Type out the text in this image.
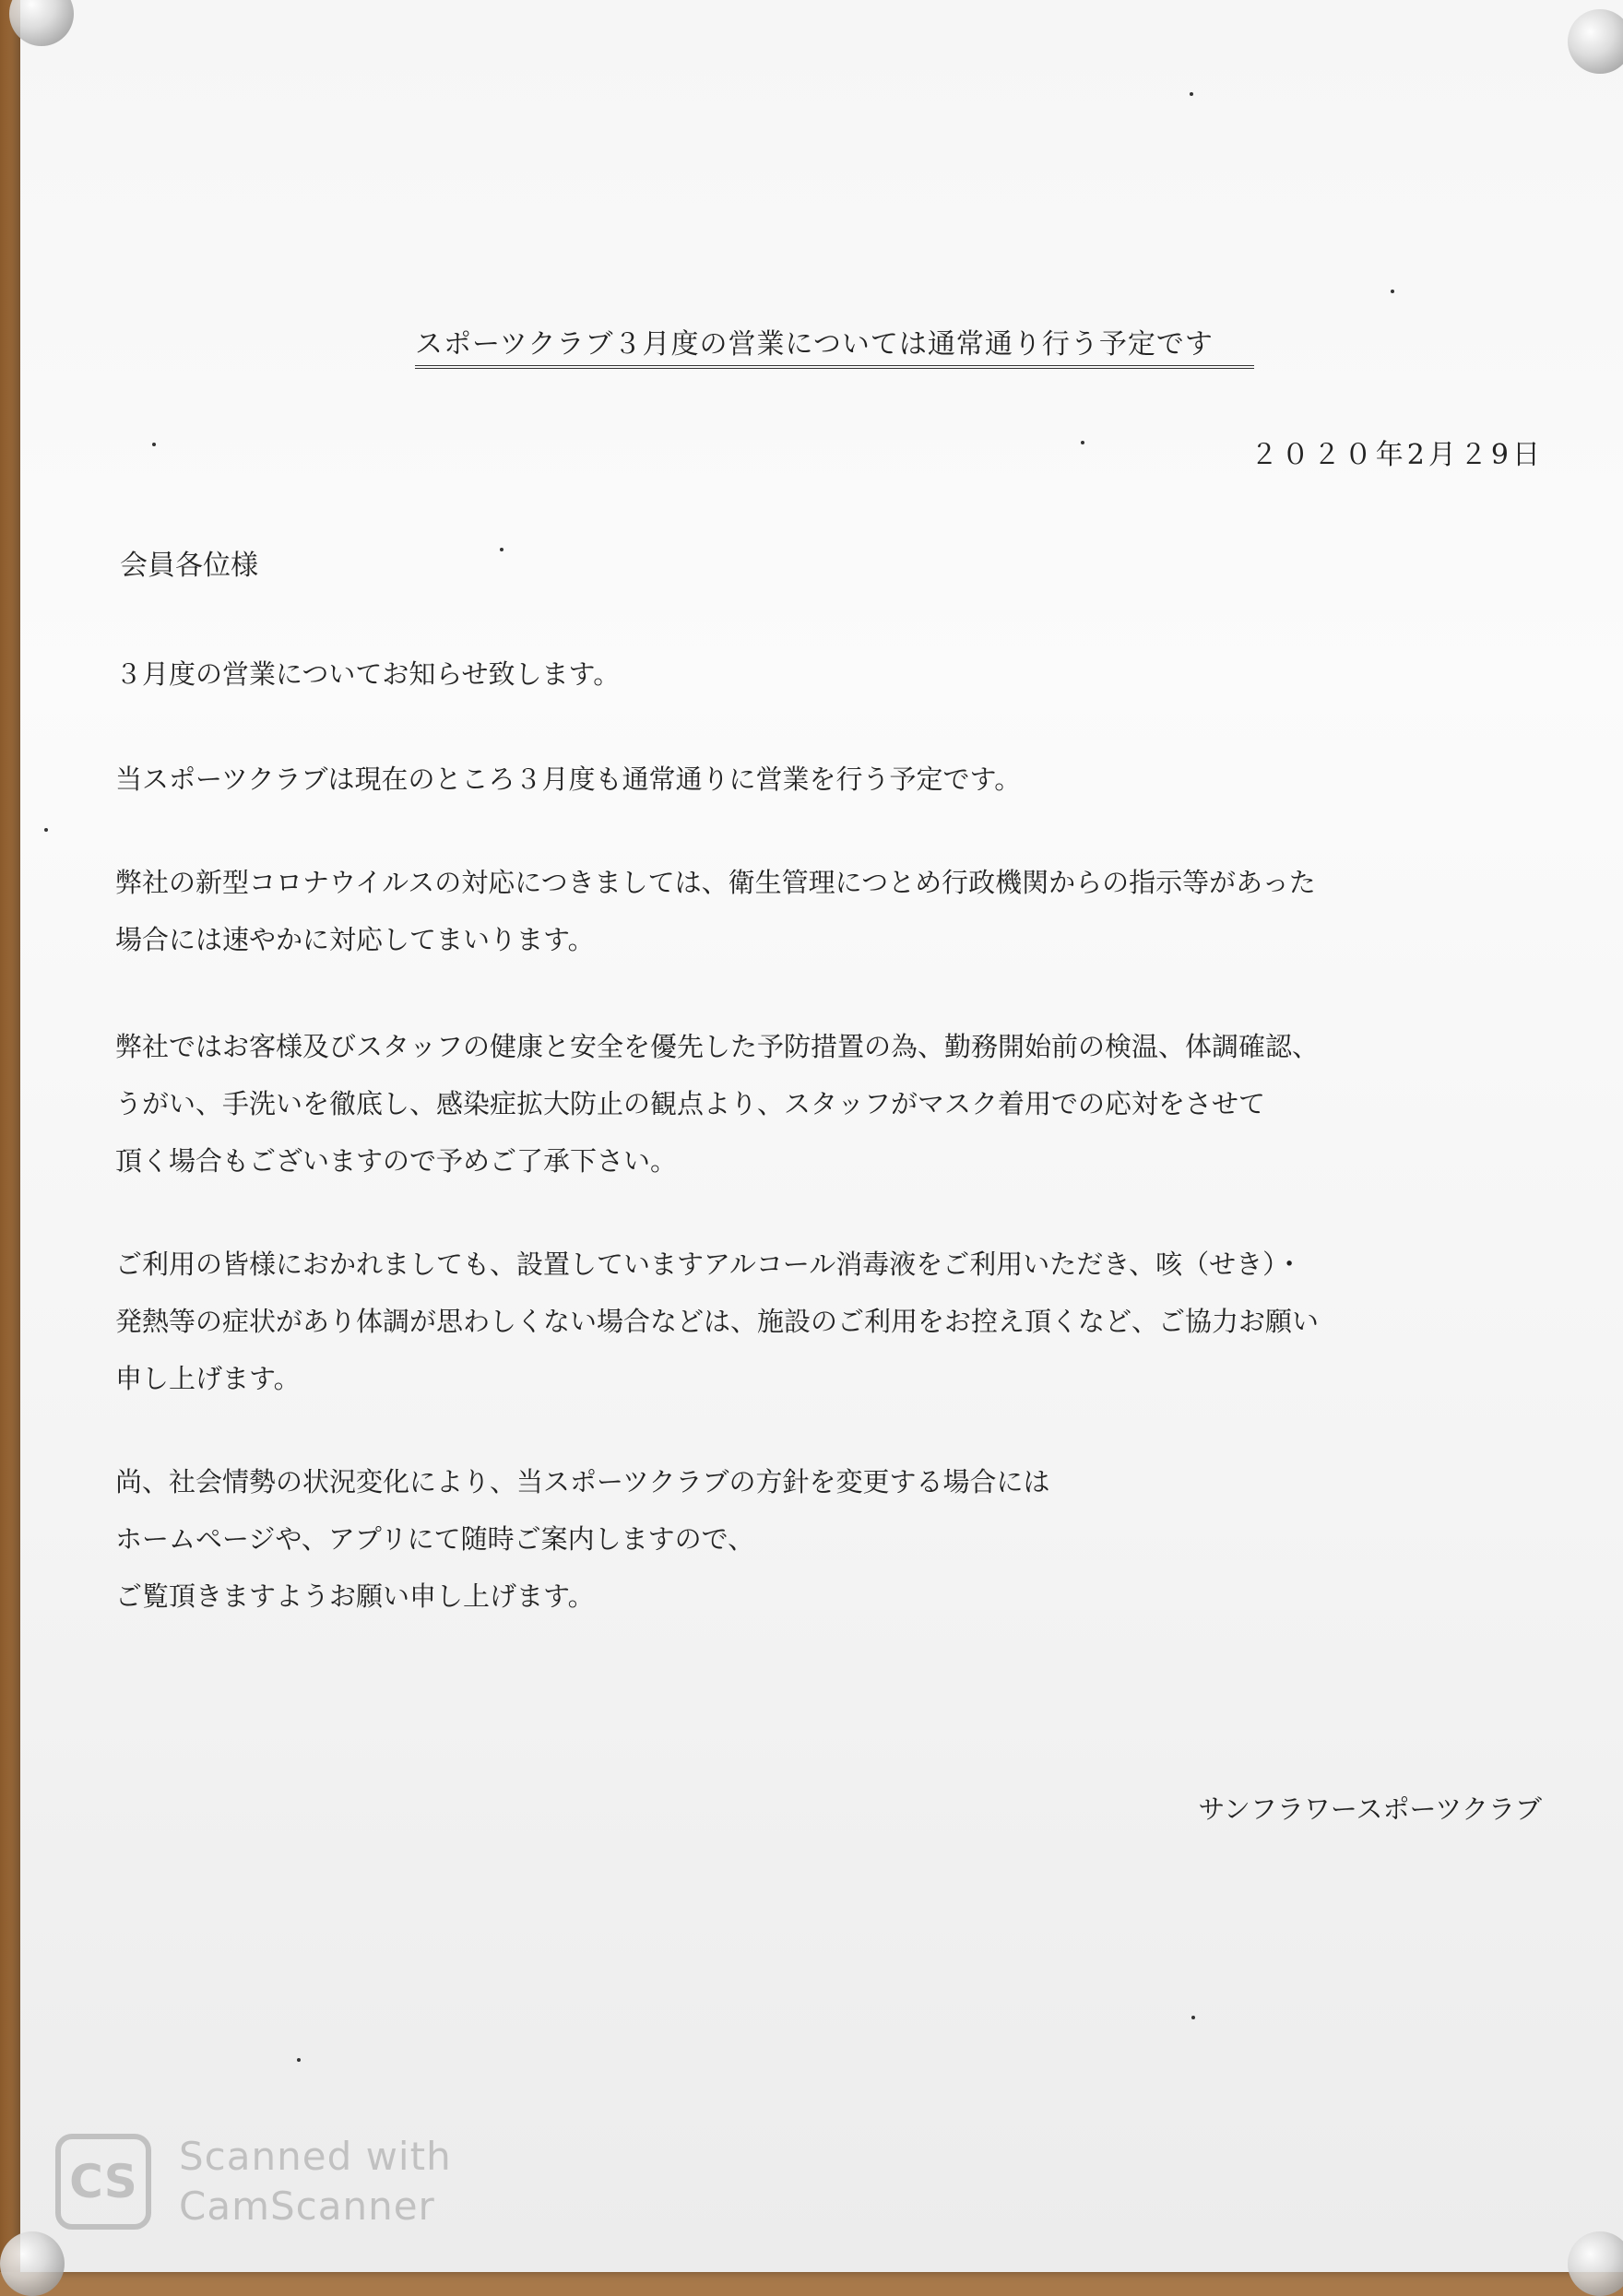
スポーツクラブ３月度の営業については通常通り行う予定です
２０２０年2月２9日
会員各位様
３月度の営業についてお知らせ致します。
当スポーツクラブは現在のところ３月度も通常通りに営業を行う予定です。
弊社の新型コロナウイルスの対応につきましては、衛生管理につとめ行政機関からの指示等があった
場合には速やかに対応してまいります。
弊社ではお客様及びスタッフの健康と安全を優先した予防措置の為、勤務開始前の検温、体調確認、
うがい、手洗いを徹底し、感染症拡大防止の観点より、スタッフがマスク着用での応対をさせて
頂く場合もございますので予めご了承下さい。
ご利用の皆様におかれましても、設置していますアルコール消毒液をご利用いただき、咳（せき）・
発熱等の症状があり体調が思わしくない場合などは、施設のご利用をお控え頂くなど、ご協力お願い
申し上げます。
尚、社会情勢の状況変化により、当スポーツクラブの方針を変更する場合には
ホームページや、アプリにて随時ご案内しますので、
ご覧頂きますようお願い申し上げます。
サンフラワースポーツクラブ
CS	Scanned with
CamScanner
